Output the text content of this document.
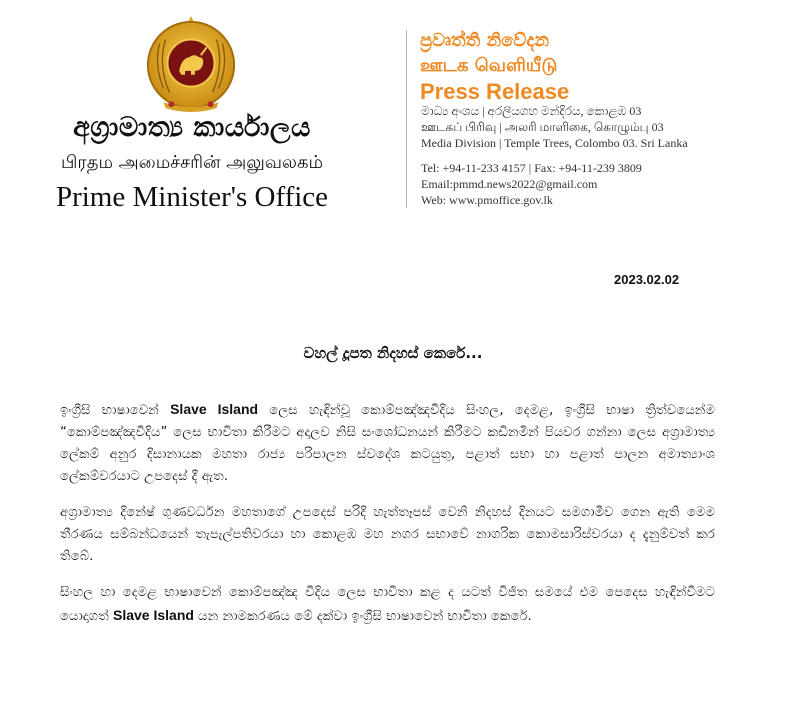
අග්‍රාමාත්‍ය කාර්යාලය
பிரதம அமைச்சரின் அலுவலகம்
Prime Minister's Office
ප්‍රවෘත්ති නිවේදන
ஊடக வெளியீடு
Press Release
මාධ්‍ය අංශය | අරලියගහ මන්දිරය, කොළඹ 03
ஊடகப் பிரிவு | அலரி மாளிகை, கொழும்பு 03
Media Division | Temple Trees, Colombo 03. Sri Lanka
Tel: +94-11-233 4157 | Fax: +94-11-239 3809
Email:pmmd.news2022@gmail.com
Web: www.pmoffice.gov.lk
2023.02.02
වහල් දූපත නිදහස් කෙරේ...

ඉංග්‍රීසි භාෂාවෙන් Slave Island ලෙස හැඳින්වූ කොම්පඤ්ඤවීදිය සිංහල, දෙමළ, ඉංග්‍රීසි භාෂා ත්‍රිත්වයෙන්ම “කොම්පඤ්ඤවීදිය” ලෙස භාවිතා කිරීමට අදාලව නිසි සංශෝධනයන් කිරීමට කඩිනමින් පියවර ගන්නා ලෙස අග්‍රාමාත්‍ය ලේකම් අනුර දිසානායක මහතා රාජ්‍ය පරිපාලන ස්වදේශ කටයුතු, පළාත් සභා හා පළාත් පාලන අමාත්‍යාංශ ලේකම්වරයාට උපදෙස් දී ඇත.

අග්‍රාමාත්‍ය දිනේෂ් ගුණවර්ධන මහතාගේ උපදෙස් පරිදි හැත්තෑපස් වෙනි නිදහස් දිනයට සමගාමීව ගෙන ඇති මෙම තීරණය සම්බන්ධයෙන් තැපැල්පතිවරයා හා කොළඹ මහ නගර සභාවේ නාගරික කොමසාරිස්වරයා ද දැනුම්වත් කර තිබේ.

සිංහල හා දෙමළ භාෂාවෙන් කොම්පඤ්ඤ වීදිය ලෙස භාවිතා කළ ද යටත් විජිත සමයේ එම පෙදෙස හැඳින්වීමට යොදාගත් Slave Island යන නාමකරණය මේ දක්වා ඉංග්‍රීසි භාෂාවෙන් භාවිතා කෙරේ.
